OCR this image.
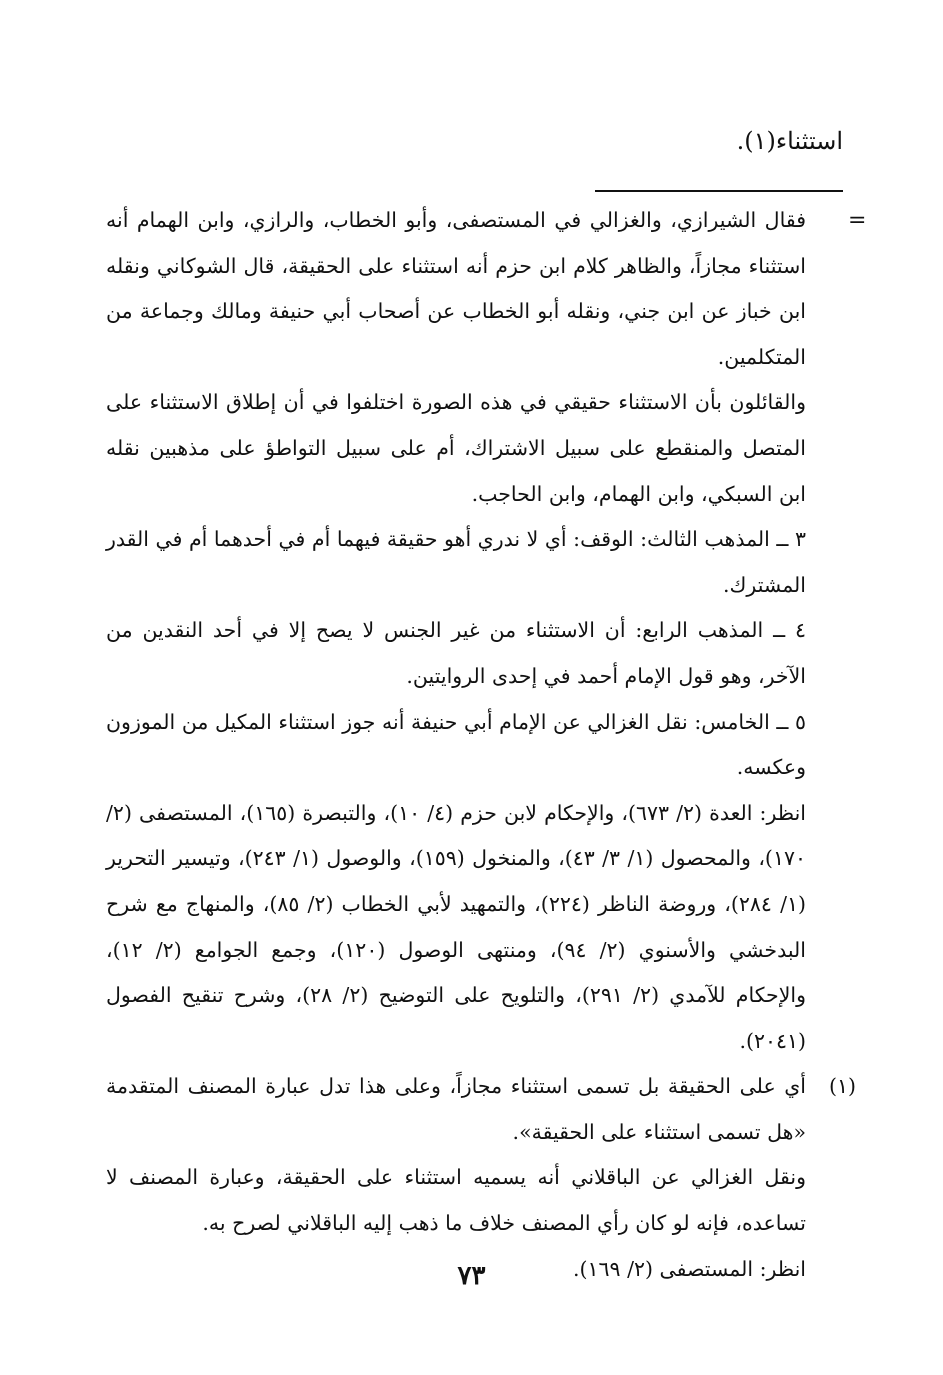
استثناء(١).
=

فقال الشيرازي، والغزالي في المستصفى، وأبو الخطاب، والرازي، وابن الهمام أنه استثناء مجازاً، والظاهر كلام ابن حزم أنه استثناء على الحقيقة، قال الشوكاني ونقله ابن خباز عن ابن جني، ونقله أبو الخطاب عن أصحاب أبي حنيفة ومالك وجماعة من المتكلمين.

والقائلون بأن الاستثناء حقيقي في هذه الصورة اختلفوا في أن إطلاق الاستثناء على المتصل والمنقطع على سبيل الاشتراك، أم على سبيل التواطؤ على مذهبين نقله ابن السبكي، وابن الهمام، وابن الحاجب.

٣ ــ المذهب الثالث: الوقف: أي لا ندري أهو حقيقة فيهما أم في أحدهما أم في القدر المشترك.

٤ ــ المذهب الرابع: أن الاستثناء من غير الجنس لا يصح إلا في أحد النقدين من الآخر، وهو قول الإمام أحمد في إحدى الروايتين.

٥ ــ الخامس: نقل الغزالي عن الإمام أبي حنيفة أنه جوز استثناء المكيل من الموزون وعكسه.

انظر: العدة (٢/ ٦٧٣)، والإحكام لابن حزم (٤/ ١٠)، والتبصرة (١٦٥)، المستصفى (٢/ ١٧٠)، والمحصول (١/ ٣/ ٤٣)، والمنخول (١٥٩)، والوصول (١/ ٢٤٣)، وتيسير التحرير (١/ ٢٨٤)، وروضة الناظر (٢٢٤)، والتمهيد لأبي الخطاب (٢/ ٨٥)، والمنهاج مع شرح البدخشي والأسنوي (٢/ ٩٤)، ومنتهى الوصول (١٢٠)، وجمع الجوامع (٢/ ١٢)، والإحكام للآمدي (٢/ ٢٩١)، والتلويح على التوضيح (٢/ ٢٨)، وشرح تنقيح الفصول (٢٠٤١).

(١)

أي على الحقيقة بل تسمى استثناء مجازاً، وعلى هذا تدل عبارة المصنف المتقدمة «هل تسمى استثناء على الحقيقة».

ونقل الغزالي عن الباقلاني أنه يسميه استثناء على الحقيقة، وعبارة المصنف لا تساعده، فإنه لو كان رأي المصنف خلاف ما ذهب إليه الباقلاني لصرح به.

انظر: المستصفى (٢/ ١٦٩).

٧٣
